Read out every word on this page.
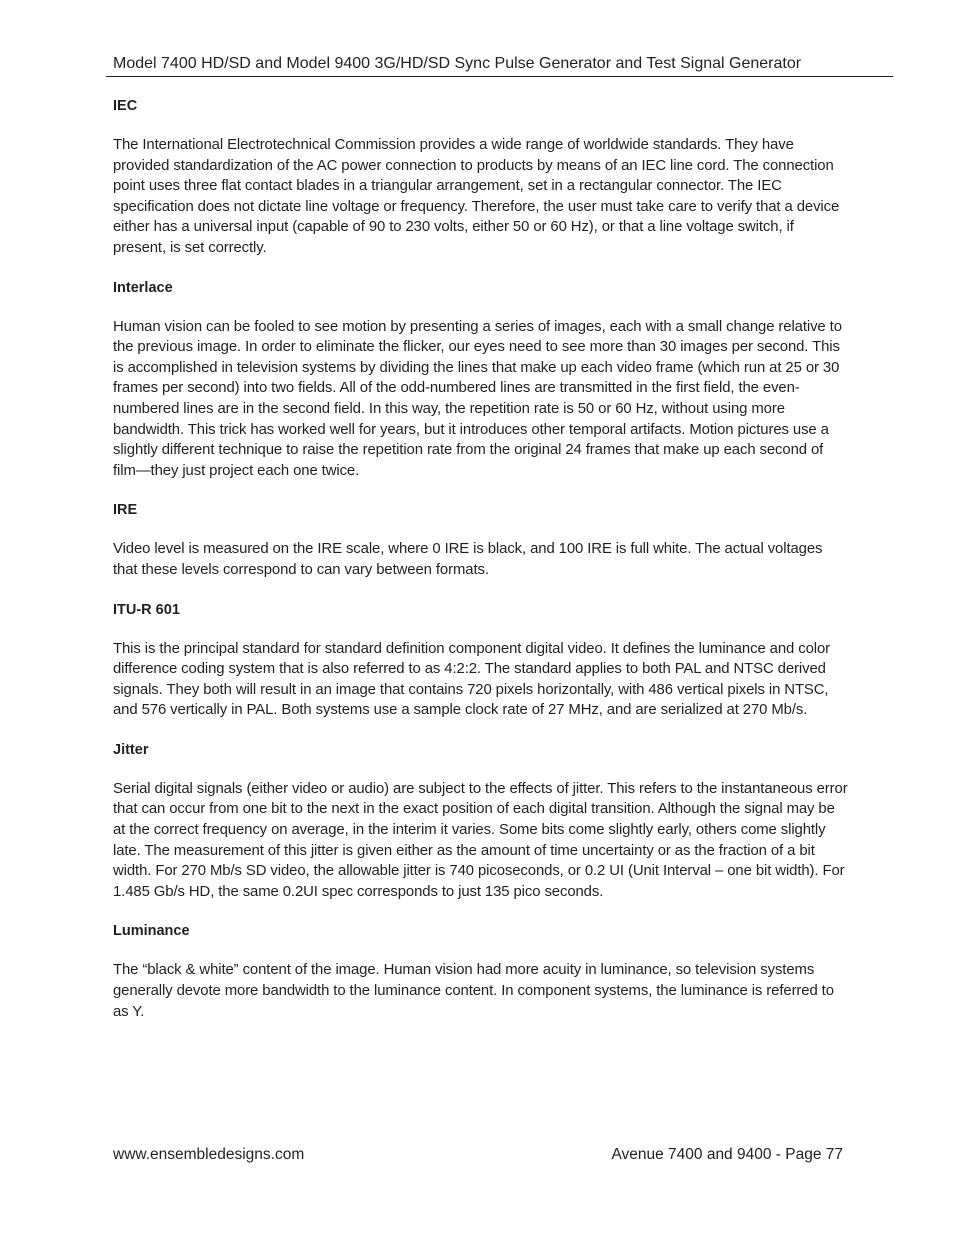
Model 7400 HD/SD and Model 9400 3G/HD/SD Sync Pulse Generator and Test Signal Generator
IEC
The International Electrotechnical Commission provides a wide range of worldwide standards. They have provided standardization of the AC power connection to products by means of an IEC line cord. The connection point uses three flat contact blades in a triangular arrangement, set in a rectangular connector. The IEC specification does not dictate line voltage or frequency. Therefore, the user must take care to verify that a device either has a universal input (capable of 90 to 230 volts, either 50 or 60 Hz), or that a line voltage switch, if present, is set correctly.
Interlace
Human vision can be fooled to see motion by presenting a series of images, each with a small change relative to the previous image. In order to eliminate the flicker, our eyes need to see more than 30 images per second. This is accomplished in television systems by dividing the lines that make up each video frame (which run at 25 or 30 frames per second) into two fields. All of the odd-numbered lines are transmitted in the first field, the even-numbered lines are in the second field. In this way, the repetition rate is 50 or 60 Hz, without using more bandwidth. This trick has worked well for years, but it introduces other temporal artifacts. Motion pictures use a slightly different technique to raise the repetition rate from the original 24 frames that make up each second of film—they just project each one twice.
IRE
Video level is measured on the IRE scale, where 0 IRE is black, and 100 IRE is full white. The actual voltages that these levels correspond to can vary between formats.
ITU-R 601
This is the principal standard for standard definition component digital video. It defines the luminance and color difference coding system that is also referred to as 4:2:2. The standard applies to both PAL and NTSC derived signals. They both will result in an image that contains 720 pixels horizontally, with 486 vertical pixels in NTSC, and 576 vertically in PAL. Both systems use a sample clock rate of 27 MHz, and are serialized at 270 Mb/s.
Jitter
Serial digital signals (either video or audio) are subject to the effects of jitter. This refers to the instantaneous error that can occur from one bit to the next in the exact position of each digital transition. Although the signal may be at the correct frequency on average, in the interim it varies. Some bits come slightly early, others come slightly late. The measurement of this jitter is given either as the amount of time uncertainty or as the fraction of a bit width. For 270 Mb/s SD video, the allowable jitter is 740 picoseconds, or 0.2 UI (Unit Interval – one bit width). For 1.485 Gb/s HD, the same 0.2UI spec corresponds to just 135 pico seconds.
Luminance
The “black & white” content of the image. Human vision had more acuity in luminance, so television systems generally devote more bandwidth to the luminance content. In component systems, the luminance is referred to as Y.
www.ensembledesigns.com	Avenue 7400 and 9400 - Page 77
